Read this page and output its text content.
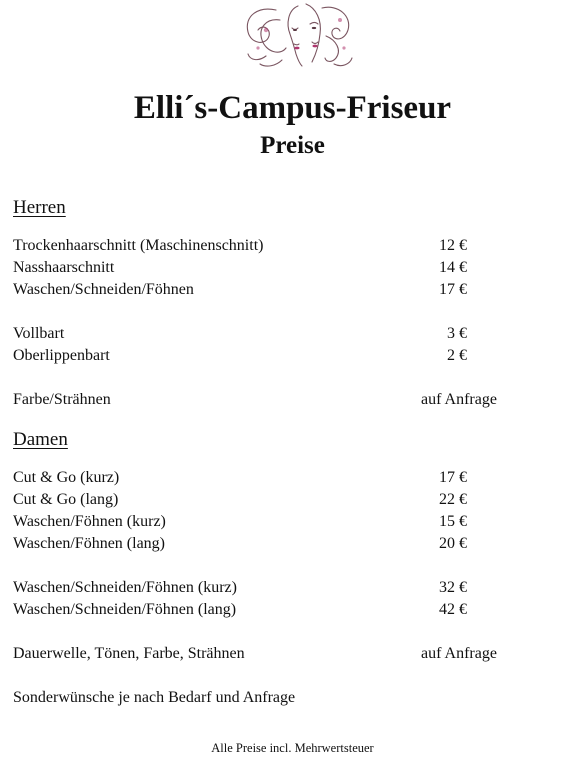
Elli´s-Campus-Friseur
Preise
Herren
Trockenhaarschnitt (Maschinenschnitt)	12 €
Nasshaarschnitt	14 €
Waschen/Schneiden/Föhnen	17 €
Vollbart	3 €
Oberlippenbart	2 €
Farbe/Strähnen	auf Anfrage
Damen
Cut & Go (kurz)	17 €
Cut & Go (lang)	22 €
Waschen/Föhnen (kurz)	15 €
Waschen/Föhnen (lang)	20 €
Waschen/Schneiden/Föhnen (kurz)	32 €
Waschen/Schneiden/Föhnen (lang)	42 €
Dauerwelle, Tönen, Farbe, Strähnen	auf Anfrage
Sonderwünsche je nach Bedarf und Anfrage
Alle Preise incl. Mehrwertsteuer
